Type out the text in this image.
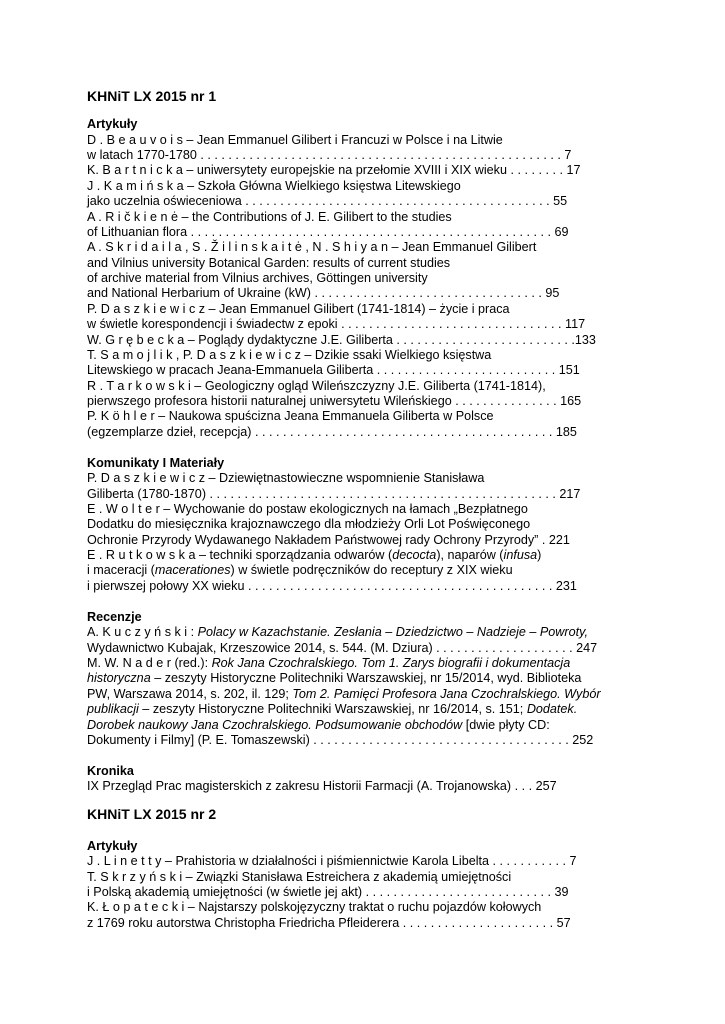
KHNiT LX 2015 nr 1
Artykuły
D . B e a u v o i s – Jean Emmanuel Gilibert i Francuzi w Polsce i na Litwie
w latach 1770-1780 . . . . . . . . . . . . . . . . . . . . . . . . . . . . . . . . . . . . . . . . . . . . . . . . . . . . 7
K. B a r t n i c k a – uniwersytety europejskie na przełomie XVIII i XIX wieku . . . . . . . . 17
J . K a m i ń s k a – Szkoła Główna Wielkiego księstwa Litewskiego
jako uczelnia oświeceniowa . . . . . . . . . . . . . . . . . . . . . . . . . . . . . . . . . . . . . . . . . . . . 55
A . R i č k i e n ė – the Contributions of J. E. Gilibert to the studies
of Lithuanian flora . . . . . . . . . . . . . . . . . . . . . . . . . . . . . . . . . . . . . . . . . . . . . . . . . . . . 69
A . S k r i d a i l a , S . Ž i l i n s k a i t ė , N . S h i y a n – Jean Emmanuel Gilibert
and Vilnius university Botanical Garden: results of current studies
of archive material from Vilnius archives, Göttingen university
and National Herbarium of Ukraine (kW) . . . . . . . . . . . . . . . . . . . . . . . . . . . . . . . . . 95
P. D a s z k i e w i c z – Jean Emmanuel Gilibert (1741-1814) – życie i praca
w świetle korespondencji i świadectw z epoki . . . . . . . . . . . . . . . . . . . . . . . . . . . . . . . . 117
W. G r ę b e c k a – Poglądy dydaktyczne J.E. Giliberta . . . . . . . . . . . . . . . . . . . . . . . . . .133
T. S a m o j l i k , P. D a s z k i e w i c z – Dzikie ssaki Wielkiego księstwa
Litewskiego w pracach Jeana-Emmanuela Giliberta . . . . . . . . . . . . . . . . . . . . . . . . . . 151
R . T a r k o w s k i – Geologiczny ogląd Wileńszczyzny J.E. Giliberta (1741-1814),
pierwszego profesora historii naturalnej uniwersytetu Wileńskiego . . . . . . . . . . . . . . . 165
P. K ö h l e r – Naukowa spuścizna Jeana Emmanuela Giliberta w Polsce
(egzemplarze dzieł, recepcja) . . . . . . . . . . . . . . . . . . . . . . . . . . . . . . . . . . . . . . . . . . . 185
Komunikaty I Materiały
P. D a s z k i e w i c z – Dziewiętnastowieczne wspomnienie Stanisława
Giliberta (1780-1870) . . . . . . . . . . . . . . . . . . . . . . . . . . . . . . . . . . . . . . . . . . . . . . . . . . 217
E . W o l t e r – Wychowanie do postaw ekologicznych na łamach „Bezpłatnego
Dodatku do miesięcznika krajoznawczego dla młodzieży Orli Lot Poświęconego
Ochronie Przyrody Wydawanego Nakładem Państwowej rady Ochrony Przyrody” . 221
E . R u t k o w s k a – techniki sporządzania odwarów (decocta), naparów (infusa)
i maceracji (macerationes) w świetle podręczników do receptury z XIX wieku
i pierwszej połowy XX wieku . . . . . . . . . . . . . . . . . . . . . . . . . . . . . . . . . . . . . . . . . . . . 231
Recenzje
A. K u c z y ń s k i : Polacy w Kazachstanie. Zesłania – Dziedzictwo – Nadzieje – Powroty,
Wydawnictwo Kubajak, Krzeszowice 2014, s. 544. (M. Dziura) . . . . . . . . . . . . . . . . . . . . 247
M. W. N a d e r (red.): Rok Jana Czochralskiego. Tom 1. Zarys biografii i dokumentacja
historyczna – zeszyty Historyczne Politechniki Warszawskiej, nr 15/2014, wyd. Biblioteka
PW, Warszawa 2014, s. 202, il. 129; Tom 2. Pamięci Profesora Jana Czochralskiego. Wybór
publikacji – zeszyty Historyczne Politechniki Warszawskiej, nr 16/2014, s. 151; Dodatek.
Dorobek naukowy Jana Czochralskiego. Podsumowanie obchodów [dwie płyty CD:
Dokumenty i Filmy] (P. E. Tomaszewski) . . . . . . . . . . . . . . . . . . . . . . . . . . . . . . . . . . . . . 252
Kronika
IX Przegląd Prac magisterskich z zakresu Historii Farmacji (A. Trojanowska) . . . 257
KHNiT LX 2015 nr 2
Artykuły
J . L i n e t t y – Prahistoria w działalności i piśmiennictwie Karola Libelta . . . . . . . . . . . 7
T. S k r z y ń s k i – Związki Stanisława Estreichera z akademią umiejętności
i Polską akademią umiejętności (w świetle jej akt) . . . . . . . . . . . . . . . . . . . . . . . . . . . 39
K. Ł o p a t e c k i – Najstarszy polskojęzyczny traktat o ruchu pojazdów kołowych
z 1769 roku autorstwa Christopha Friedricha Pfleiderera . . . . . . . . . . . . . . . . . . . . . . 57
